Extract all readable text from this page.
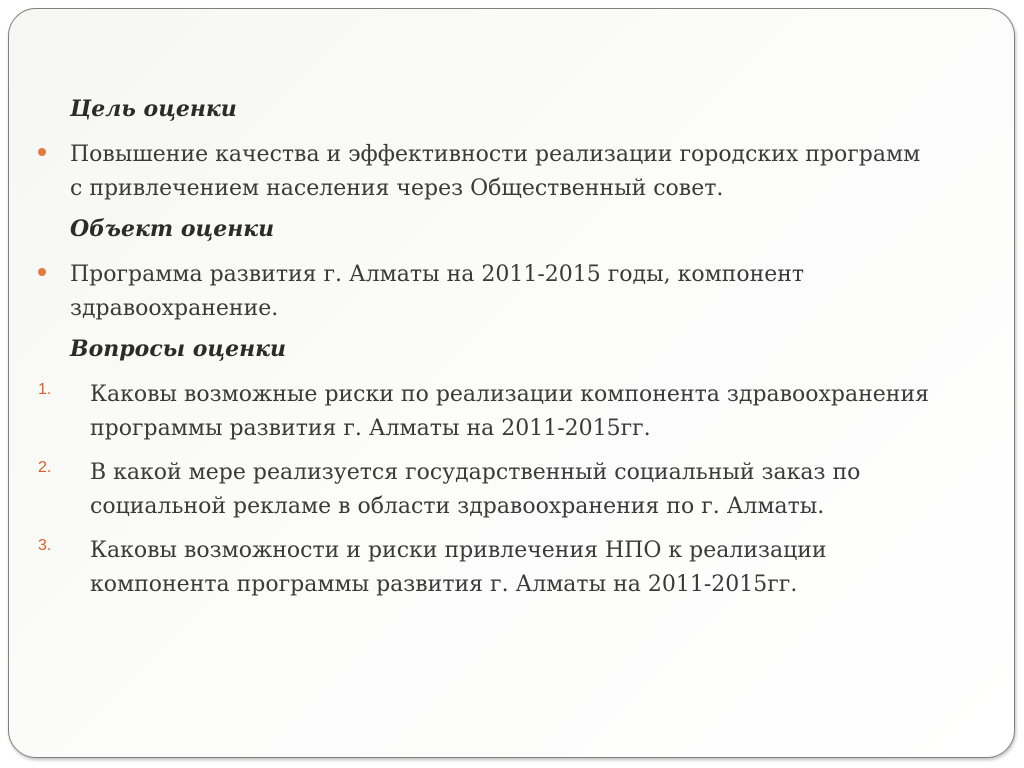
Цель оценки
Повышение качества и эффективности реализации городских программ с привлечением населения через Общественный совет.
Объект оценки
Программа развития г. Алматы на 2011-2015 годы, компонент здравоохранение.
Вопросы оценки
1. Каковы возможные риски по реализации компонента здравоохранения программы развития г. Алматы на 2011-2015гг.
2. В какой мере реализуется государственный социальный заказ по социальной рекламе в области здравоохранения по г. Алматы.
3. Каковы возможности и риски привлечения НПО к реализации компонента программы развития г. Алматы на 2011-2015гг.
